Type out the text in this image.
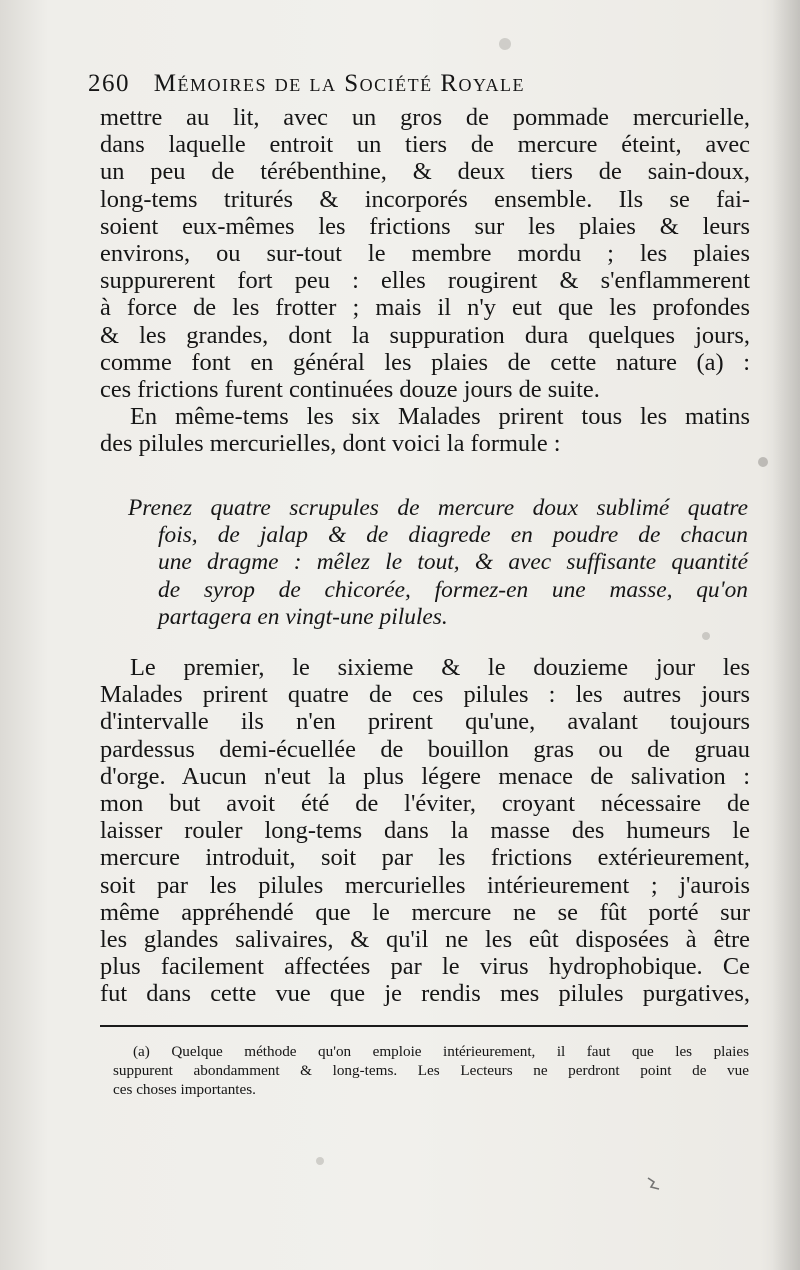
260 Mémoires de la Société Royale
mettre au lit, avec un gros de pommade mercurielle,
dans laquelle entroit un tiers de mercure éteint, avec
un peu de térébenthine, & deux tiers de sain-doux,
long-tems triturés & incorporés ensemble. Ils se fai-
soient eux-mêmes les frictions sur les plaies & leurs
environs, ou sur-tout le membre mordu ; les plaies
suppurerent fort peu : elles rougirent & s'enflammerent
à force de les frotter ; mais il n'y eut que les profondes
& les grandes, dont la suppuration dura quelques jours,
comme font en général les plaies de cette nature (a) :
ces frictions furent continuées douze jours de suite.
En même-tems les six Malades prirent tous les matins
des pilules mercurielles, dont voici la formule :
Prenez quatre scrupules de mercure doux sublimé quatre
fois, de jalap & de diagrede en poudre de chacun
une dragme : mêlez le tout, & avec suffisante quantité
de syrop de chicorée, formez-en une masse, qu'on
partagera en vingt-une pilules.
Le premier, le sixieme & le douzieme jour les
Malades prirent quatre de ces pilules : les autres jours
d'intervalle ils n'en prirent qu'une, avalant toujours
pardessus demi-écuellée de bouillon gras ou de gruau
d'orge. Aucun n'eut la plus légere menace de salivation :
mon but avoit été de l'éviter, croyant nécessaire de
laisser rouler long-tems dans la masse des humeurs le
mercure introduit, soit par les frictions extérieurement,
soit par les pilules mercurielles intérieurement ; j'aurois
même appréhendé que le mercure ne se fût porté sur
les glandes salivaires, & qu'il ne les eût disposées à être
plus facilement affectées par le virus hydrophobique. Ce
fut dans cette vue que je rendis mes pilules purgatives,
(a) Quelque méthode qu'on emploie intérieurement, il faut que les plaies
suppurent abondamment & long-tems. Les Lecteurs ne perdront point de vue
ces choses importantes.
